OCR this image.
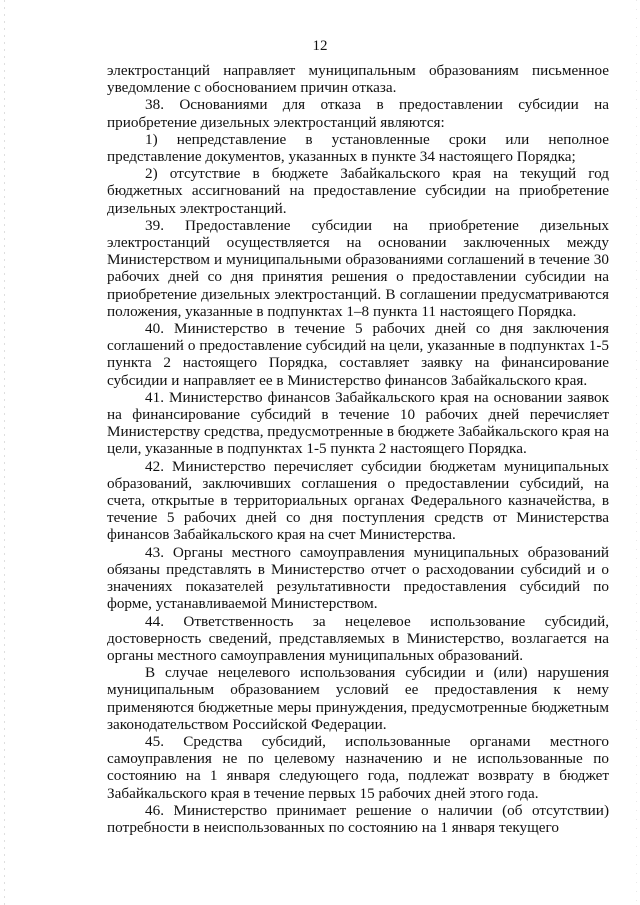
12

электростанций направляет муниципальным образованиям письменное уведомление с обоснованием причин отказа.

38. Основаниями для отказа в предоставлении субсидии на приобретение дизельных электростанций являются:

1) непредставление в установленные сроки или неполное представление документов, указанных в пункте 34 настоящего Порядка;

2) отсутствие в бюджете Забайкальского края на текущий год бюджетных ассигнований на предоставление субсидии на приобретение дизельных электростанций.

39. Предоставление субсидии на приобретение дизельных электростанций осуществляется на основании заключенных между Министерством и муниципальными образованиями соглашений в течение 30 рабочих дней со дня принятия решения о предоставлении субсидии на приобретение дизельных электростанций. В соглашении предусматриваются положения, указанные в подпунктах 1–8 пункта 11 настоящего Порядка.

40. Министерство в течение 5 рабочих дней со дня заключения соглашений о предоставление субсидий на цели, указанные в подпунктах 1-5 пункта 2 настоящего Порядка, составляет заявку на финансирование субсидии и направляет ее в Министерство финансов Забайкальского края.

41. Министерство финансов Забайкальского края на основании заявок на финансирование субсидий в течение 10 рабочих дней перечисляет Министерству средства, предусмотренные в бюджете Забайкальского края на цели, указанные в подпунктах 1-5 пункта 2 настоящего Порядка.

42. Министерство перечисляет субсидии бюджетам муниципальных образований, заключивших соглашения о предоставлении субсидий, на счета, открытые в территориальных органах Федерального казначейства, в течение 5 рабочих дней со дня поступления средств от Министерства финансов Забайкальского края на счет Министерства.

43. Органы местного самоуправления муниципальных образований обязаны представлять в Министерство отчет о расходовании субсидий и о значениях показателей результативности предоставления субсидий по форме, устанавливаемой Министерством.

44. Ответственность за нецелевое использование субсидий, достоверность сведений, представляемых в Министерство, возлагается на органы местного самоуправления муниципальных образований.

В случае нецелевого использования субсидии и (или) нарушения муниципальным образованием условий ее предоставления к нему применяются бюджетные меры принуждения, предусмотренные бюджетным законодательством Российской Федерации.

45. Средства субсидий, использованные органами местного самоуправления не по целевому назначению и не использованные по состоянию на 1 января следующего года, подлежат возврату в бюджет Забайкальского края в течение первых 15 рабочих дней этого года.

46. Министерство принимает решение о наличии (об отсутствии) потребности в неиспользованных по состоянию на 1 января текущего
